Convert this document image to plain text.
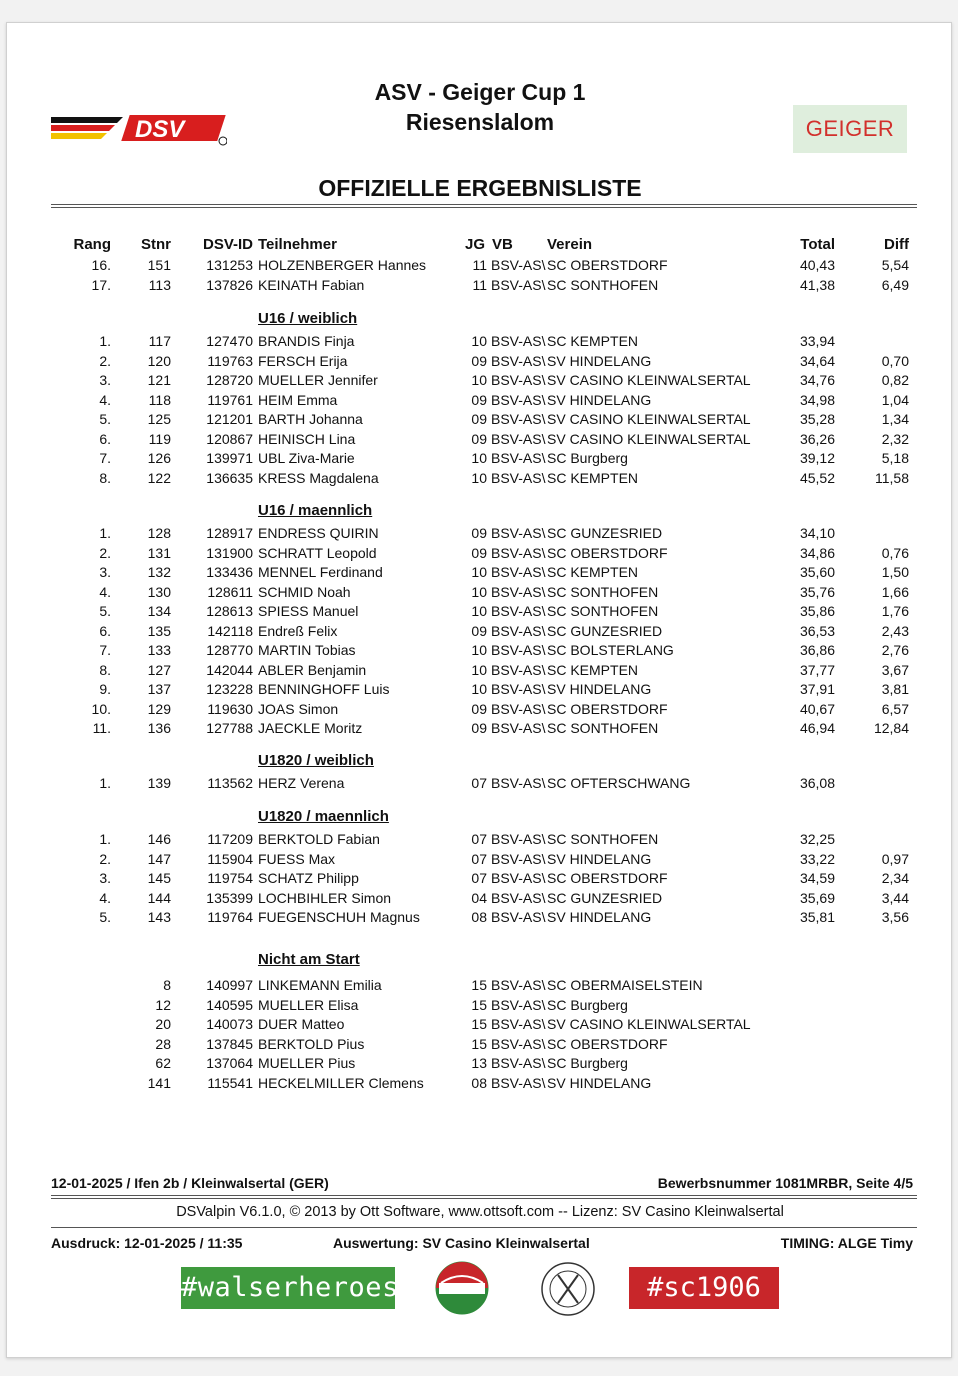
DSV
ASV - Geiger Cup 1
Riesenslalom	GEIGER
OFFIZIELLE ERGEBNISLISTE
Rang	Stnr	DSV-ID Teilnehmer	JG VB Verein	Total	Diff
16.	151	131253 HOLZENBERGER Hannes	11 BSV-AS\ SC OBERSTDORF	40,43	5,54
17.	113	137826 KEINATH Fabian	11 BSV-AS\ SC SONTHOFEN	41,38	6,49
U16 / weiblich
1.	117	127470 BRANDIS Finja	10 BSV-AS\ SC KEMPTEN	33,94
2.	120	119763 FERSCH Erija	09 BSV-AS\ SV HINDELANG	34,64	0,70
3.	121	128720 MUELLER Jennifer	10 BSV-AS\ SV CASINO KLEINWALSERTAL	34,76	0,82
4.	118	119761 HEIM Emma	09 BSV-AS\ SV HINDELANG	34,98	1,04
5.	125	121201 BARTH Johanna	09 BSV-AS\ SV CASINO KLEINWALSERTAL	35,28	1,34
6.	119	120867 HEINISCH Lina	09 BSV-AS\ SV CASINO KLEINWALSERTAL	36,26	2,32
7.	126	139971 UBL Ziva-Marie	10 BSV-AS\ SC Burgberg	39,12	5,18
8.	122	136635 KRESS Magdalena	10 BSV-AS\ SC KEMPTEN	45,52	11,58
U16 / maennlich
1.	128	128917 ENDRESS QUIRIN	09 BSV-AS\ SC GUNZESRIED	34,10
2.	131	131900 SCHRATT Leopold	09 BSV-AS\ SC OBERSTDORF	34,86	0,76
3.	132	133436 MENNEL Ferdinand	10 BSV-AS\ SC KEMPTEN	35,60	1,50
4.	130	128611 SCHMID Noah	10 BSV-AS\ SC SONTHOFEN	35,76	1,66
5.	134	128613 SPIESS Manuel	10 BSV-AS\ SC SONTHOFEN	35,86	1,76
6.	135	142118 Endreß Felix	09 BSV-AS\ SC GUNZESRIED	36,53	2,43
7.	133	128770 MARTIN Tobias	10 BSV-AS\ SC BOLSTERLANG	36,86	2,76
8.	127	142044 ABLER Benjamin	10 BSV-AS\ SC KEMPTEN	37,77	3,67
9.	137	123228 BENNINGHOFF Luis	10 BSV-AS\ SV HINDELANG	37,91	3,81
10.	129	119630 JOAS Simon	09 BSV-AS\ SC OBERSTDORF	40,67	6,57
11.	136	127788 JAECKLE Moritz	09 BSV-AS\ SC SONTHOFEN	46,94	12,84
U1820 / weiblich
1.	139	113562 HERZ Verena	07 BSV-AS\ SC OFTERSCHWANG	36,08
U1820 / maennlich
1.	146	117209 BERKTOLD Fabian	07 BSV-AS\ SC SONTHOFEN	32,25
2.	147	115904 FUESS Max	07 BSV-AS\ SV HINDELANG	33,22	0,97
3.	145	119754 SCHATZ Philipp	07 BSV-AS\ SC OBERSTDORF	34,59	2,34
4.	144	135399 LOCHBIHLER Simon	04 BSV-AS\ SC GUNZESRIED	35,69	3,44
5.	143	119764 FUEGENSCHUH Magnus	08 BSV-AS\ SV HINDELANG	35,81	3,56
Nicht am Start
8	140997 LINKEMANN Emilia	15 BSV-AS\ SC OBERMAISELSTEIN
12	140595 MUELLER Elisa	15 BSV-AS\ SC Burgberg
20	140073 DUER Matteo	15 BSV-AS\ SV CASINO KLEINWALSERTAL
28	137845 BERKTOLD Pius	15 BSV-AS\ SC OBERSTDORF
62	137064 MUELLER Pius	13 BSV-AS\ SC Burgberg
141	115541 HECKELMILLER Clemens	08 BSV-AS\ SV HINDELANG
12-01-2025 / Ifen 2b / Kleinwalsertal (GER)	Bewerbsnummer 1081MRBR, Seite 4/5
DSValpin V6.1.0, © 2013 by Ott Software, www.ottsoft.com -- Lizenz: SV Casino Kleinwalsertal
Ausdruck: 12-01-2025 / 11:35	Auswertung: SV Casino Kleinwalsertal	TIMING: ALGE Timy
#walserheroes	#sc1906
